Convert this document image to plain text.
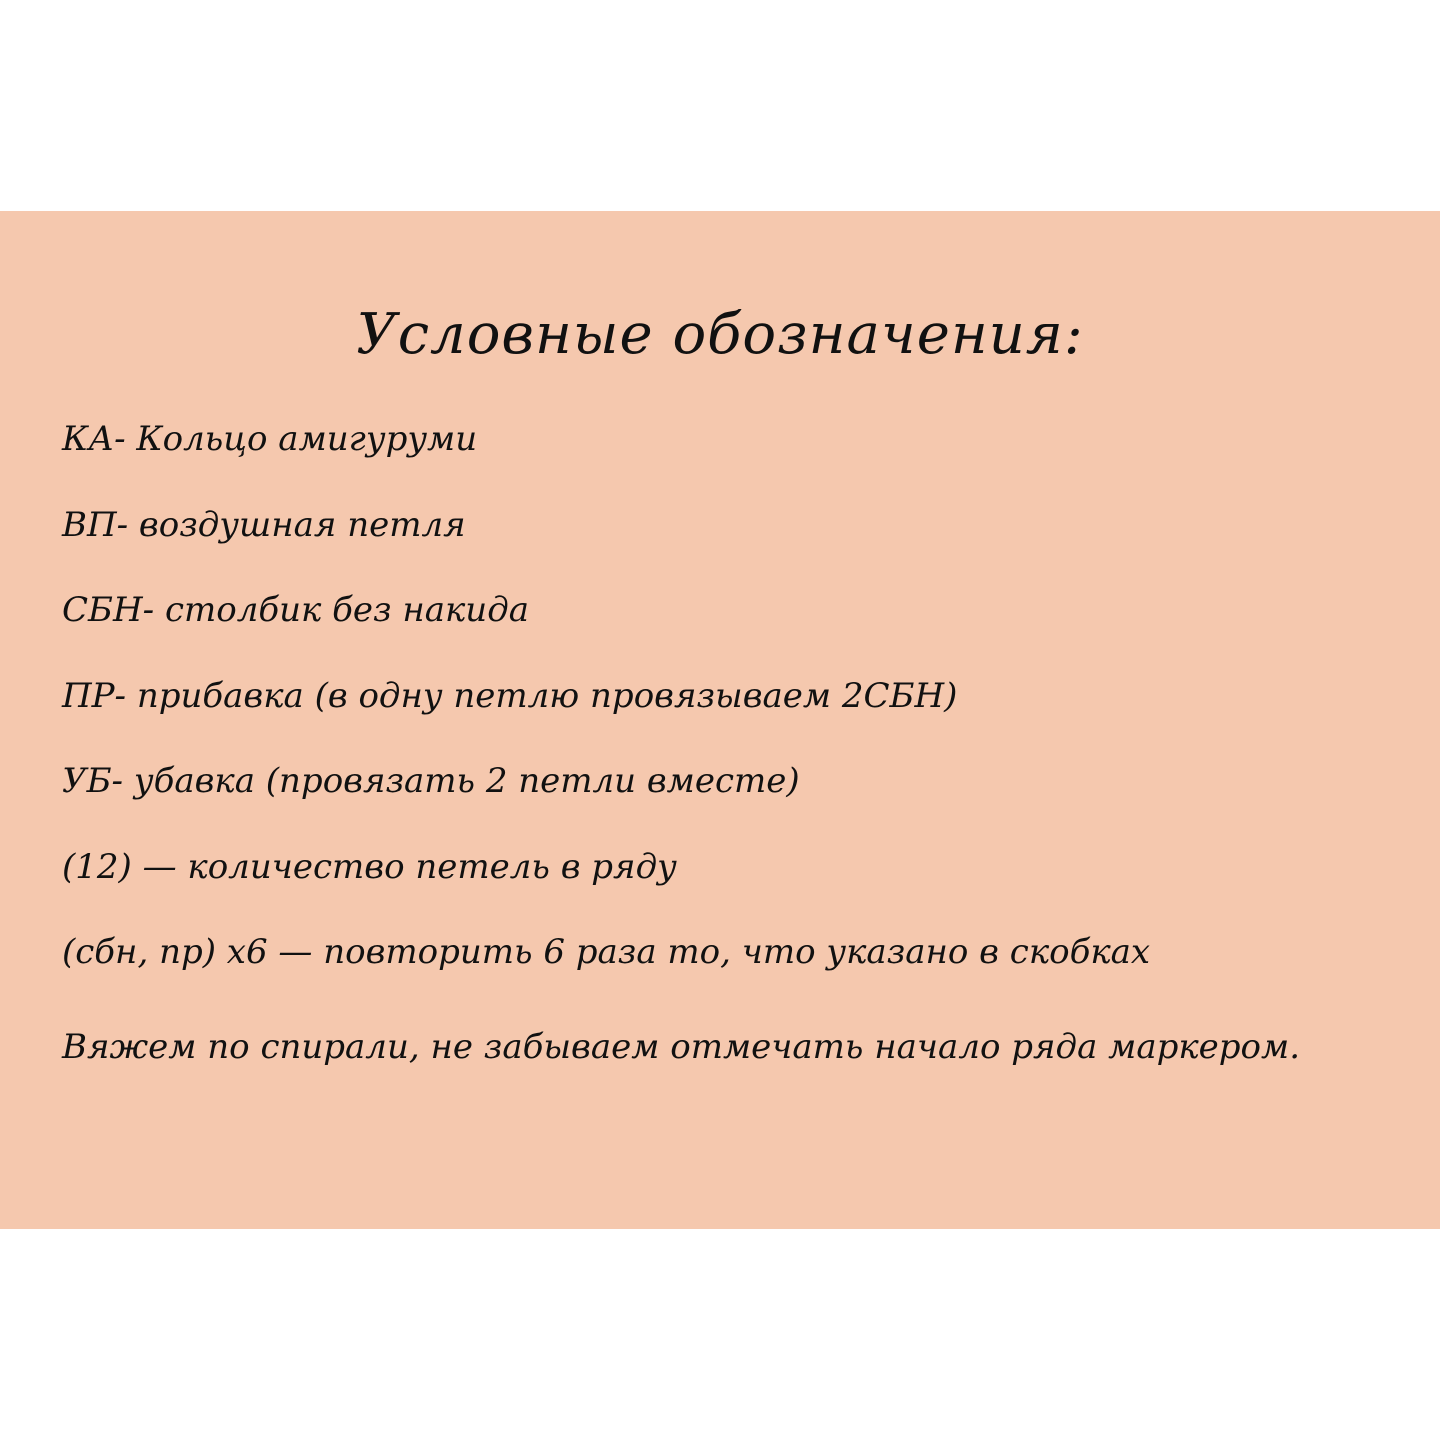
Условные обозначения:
КА- Кольцо амигуруми
ВП- воздушная петля
СБН- столбик без накида
ПР- прибавка (в одну петлю провязываем 2СБН)
УБ- убавка (провязать 2 петли вместе)
(12) — количество петель в ряду
(сбн, пр) х6 — повторить 6 раза то, что указано в скобках
Вяжем по спирали, не забываем отмечать начало ряда маркером.
